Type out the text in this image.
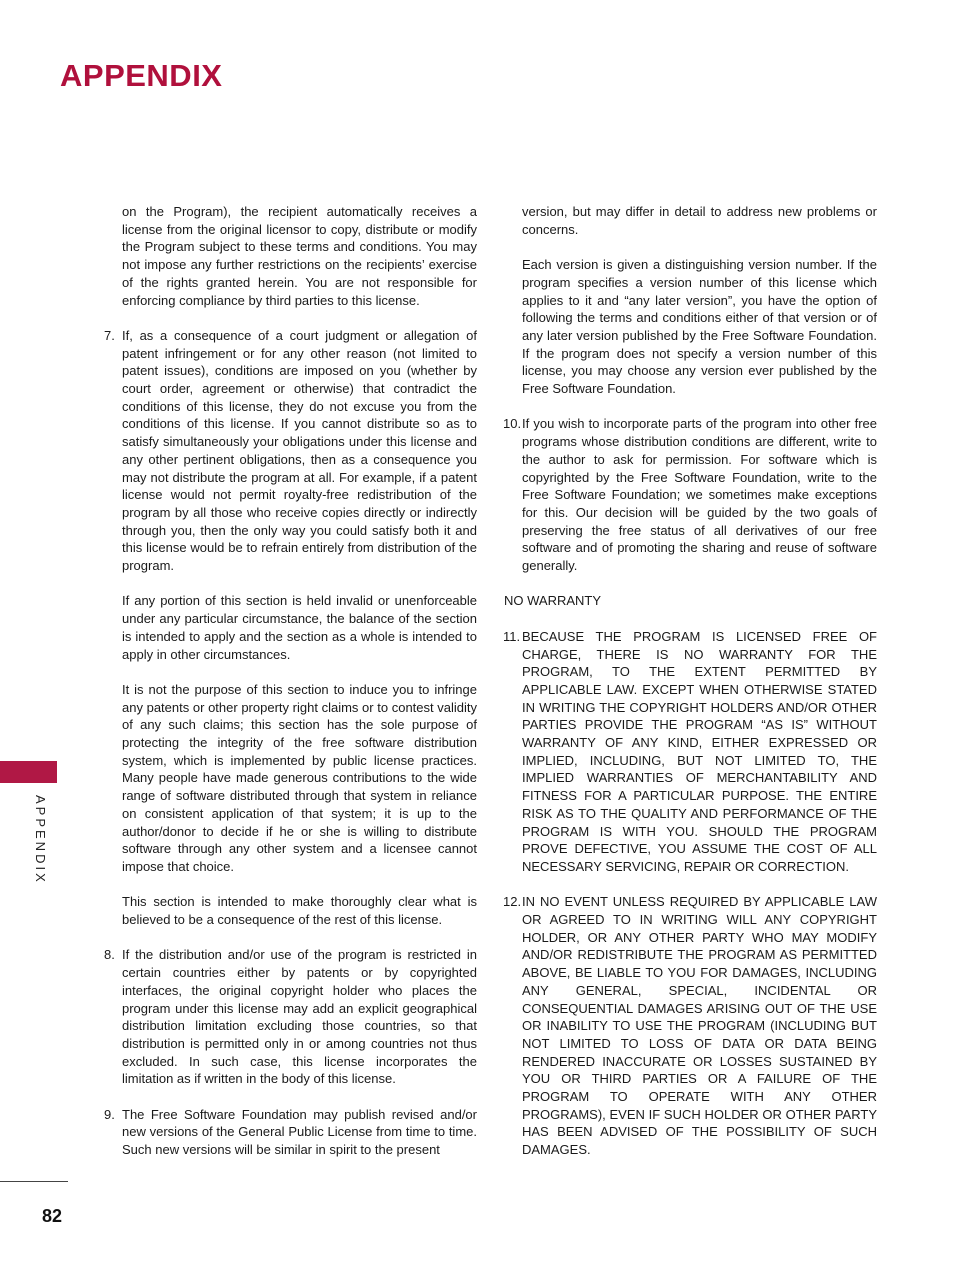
APPENDIX
APPENDIX

on the Program), the recipient automatically receives a license from the original licensor to copy, distribute or modify the Program subject to these terms and conditions. You may not impose any further restrictions on the recipients’ exercise of the rights granted herein. You are not responsible for enforcing compliance by third parties to this license.

7. If, as a consequence of a court judgment or allegation of patent infringement or for any other reason (not limited to patent issues), conditions are imposed on you (whether by court order, agreement or otherwise) that contradict the conditions of this license, they do not excuse you from the conditions of this license. If you cannot distribute so as to satisfy simultaneously your obligations under this license and any other pertinent obligations, then as a consequence you may not distribute the program at all. For example, if a patent license would not permit royalty-free redistribution of the program by all those who receive copies directly or indirectly through you, then the only way you could satisfy both it and this license would be to refrain entirely from distribution of the program.

If any portion of this section is held invalid or unenforceable under any particular circumstance, the balance of the section is intended to apply and the section as a whole is intended to apply in other circumstances.

It is not the purpose of this section to induce you to infringe any patents or other property right claims or to contest validity of any such claims; this section has the sole purpose of protecting the integrity of the free software distribution system, which is implemented by public license practices. Many people have made generous contributions to the wide range of software distributed through that system in reliance on consistent application of that system; it is up to the author/donor to decide if he or she is willing to distribute software through any other system and a licensee cannot impose that choice.

This section is intended to make thoroughly clear what is believed to be a consequence of the rest of this license.

8. If the distribution and/or use of the program is restricted in certain countries either by patents or by copyrighted interfaces, the original copyright holder who places the program under this license may add an explicit geographical distribution limitation excluding those countries, so that distribution is permitted only in or among countries not thus excluded. In such case, this license incorporates the limitation as if written in the body of this license.
9. The Free Software Foundation may publish revised and/or new versions of the General Public License from time to time. Such new versions will be similar in spirit to the present

version, but may differ in detail to address new problems or concerns.

Each version is given a distinguishing version number. If the program specifies a version number of this license which applies to it and “any later version”, you have the option of following the terms and conditions either of that version or of any later version published by the Free Software Foundation. If the program does not specify a version number of this license, you may choose any version ever published by the Free Software Foundation.

10. If you wish to incorporate parts of the program into other free programs whose distribution conditions are different, write to the author to ask for permission. For software which is copyrighted by the Free Software Foundation, write to the Free Software Foundation; we sometimes make exceptions for this. Our decision will be guided by the two goals of preserving the free status of all derivatives of our free software and of promoting the sharing and reuse of software generally.

NO WARRANTY

11. BECAUSE THE PROGRAM IS LICENSED FREE OF CHARGE, THERE IS NO WARRANTY FOR THE PROGRAM, TO THE EXTENT PERMITTED BY APPLICABLE LAW. EXCEPT WHEN OTHERWISE STATED IN WRITING THE COPYRIGHT HOLDERS AND/OR OTHER PARTIES PROVIDE THE PROGRAM “AS IS” WITHOUT WARRANTY OF ANY KIND, EITHER EXPRESSED OR IMPLIED, INCLUDING, BUT NOT LIMITED TO, THE IMPLIED WARRANTIES OF MERCHANTABILITY AND FITNESS FOR A PARTICULAR PURPOSE. THE ENTIRE RISK AS TO THE QUALITY AND PERFORMANCE OF THE PROGRAM IS WITH YOU. SHOULD THE PROGRAM PROVE DEFECTIVE, YOU ASSUME THE COST OF ALL NECESSARY SERVICING, REPAIR OR CORRECTION.
12. IN NO EVENT UNLESS REQUIRED BY APPLICABLE LAW OR AGREED TO IN WRITING WILL ANY COPYRIGHT HOLDER, OR ANY OTHER PARTY WHO MAY MODIFY AND/OR REDISTRIBUTE THE PROGRAM AS PERMITTED ABOVE, BE LIABLE TO YOU FOR DAMAGES, INCLUDING ANY GENERAL, SPECIAL, INCIDENTAL OR CONSEQUENTIAL DAMAGES ARISING OUT OF THE USE OR INABILITY TO USE THE PROGRAM (INCLUDING BUT NOT LIMITED TO LOSS OF DATA OR DATA BEING RENDERED INACCURATE OR LOSSES SUSTAINED BY YOU OR THIRD PARTIES OR A FAILURE OF THE PROGRAM TO OPERATE WITH ANY OTHER PROGRAMS), EVEN IF SUCH HOLDER OR OTHER PARTY HAS BEEN ADVISED OF THE POSSIBILITY OF SUCH DAMAGES.
82
